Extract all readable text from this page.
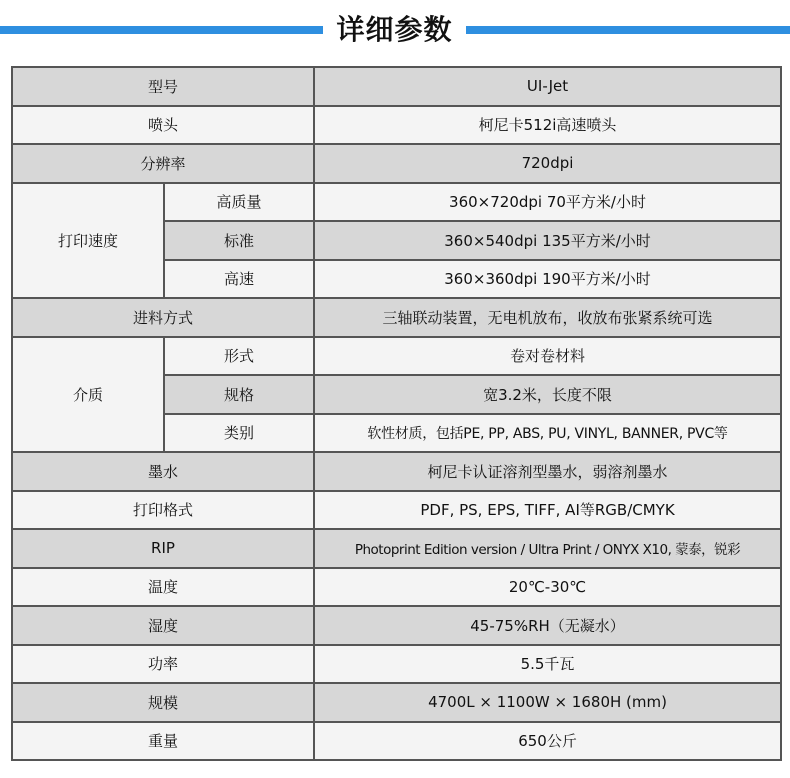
详细参数
型号		UI-Jet
喷头		柯尼卡512i高速喷头
分辨率		720dpi
打印速度	高质量	360×720dpi 70平方米/小时
	标准	360×540dpi 135平方米/小时
	高速	360×360dpi 190平方米/小时
进料方式		三轴联动装置，无电机放布，收放布张紧系统可选
介质	形式	卷对卷材料
	规格	宽3.2米，长度不限
	类别	软性材质，包括PE, PP, ABS, PU, VINYL, BANNER, PVC等
墨水		柯尼卡认证溶剂型墨水，弱溶剂墨水
打印格式		PDF, PS, EPS, TIFF, AI等RGB/CMYK
RIP		Photoprint Edition version / Ultra Print / ONYX X10, 蒙泰，锐彩
温度		20℃-30℃
湿度		45-75%RH（无凝水）
功率		5.5千瓦
规模		4700L × 1100W × 1680H (mm)
重量		650公斤
